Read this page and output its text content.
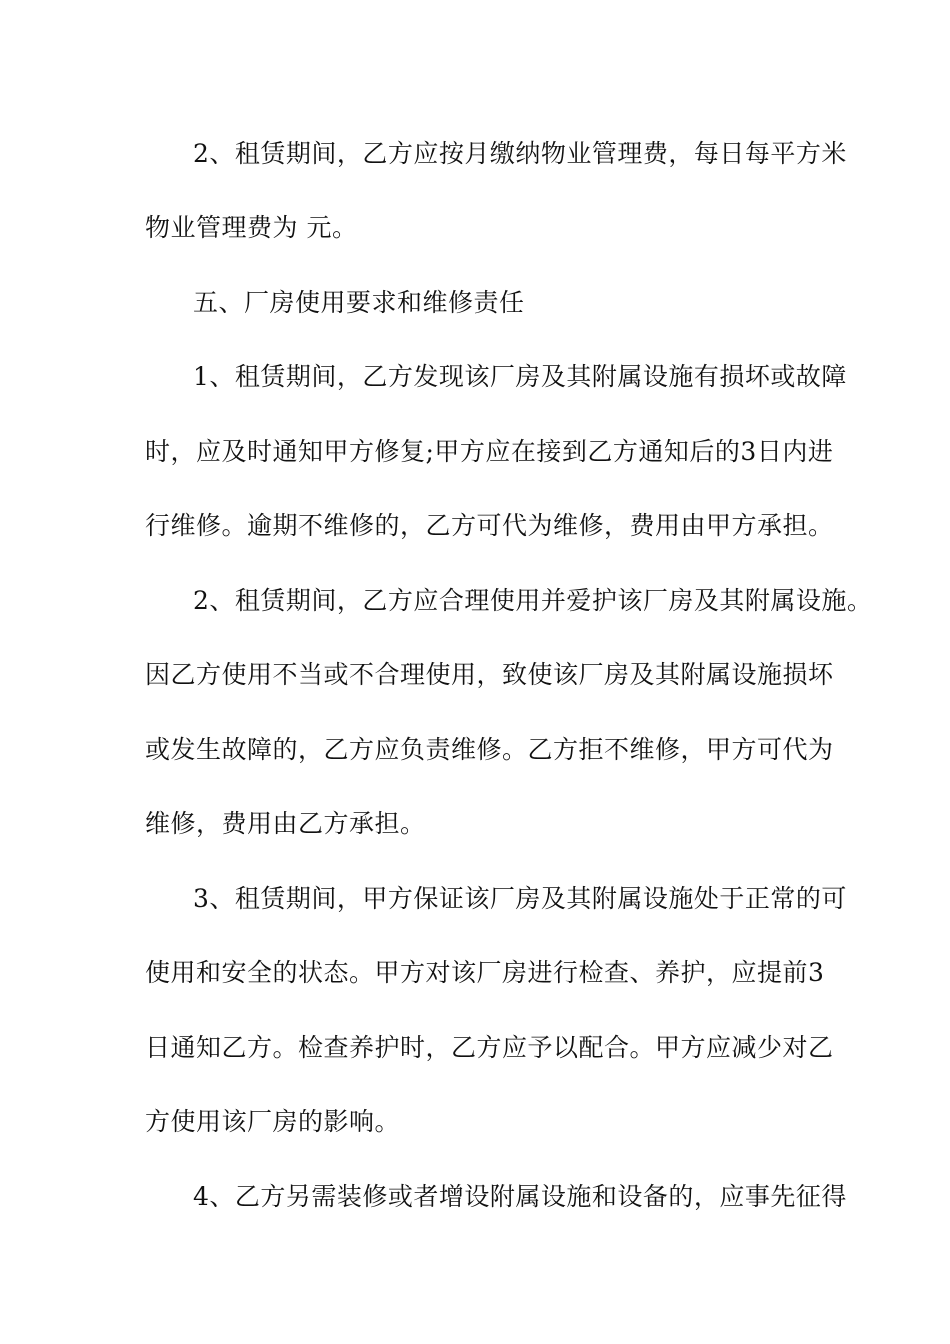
2、租赁期间，乙方应按月缴纳物业管理费，每日每平方米

物业管理费为 元。

五、厂房使用要求和维修责任

1、租赁期间，乙方发现该厂房及其附属设施有损坏或故障

时，应及时通知甲方修复;甲方应在接到乙方通知后的3日内进

行维修。逾期不维修的，乙方可代为维修，费用由甲方承担。

2、租赁期间，乙方应合理使用并爱护该厂房及其附属设施。

因乙方使用不当或不合理使用，致使该厂房及其附属设施损坏

或发生故障的，乙方应负责维修。乙方拒不维修，甲方可代为

维修，费用由乙方承担。

3、租赁期间，甲方保证该厂房及其附属设施处于正常的可

使用和安全的状态。甲方对该厂房进行检查、养护，应提前3

日通知乙方。检查养护时，乙方应予以配合。甲方应减少对乙

方使用该厂房的影响。

4、乙方另需装修或者增设附属设施和设备的，应事先征得
